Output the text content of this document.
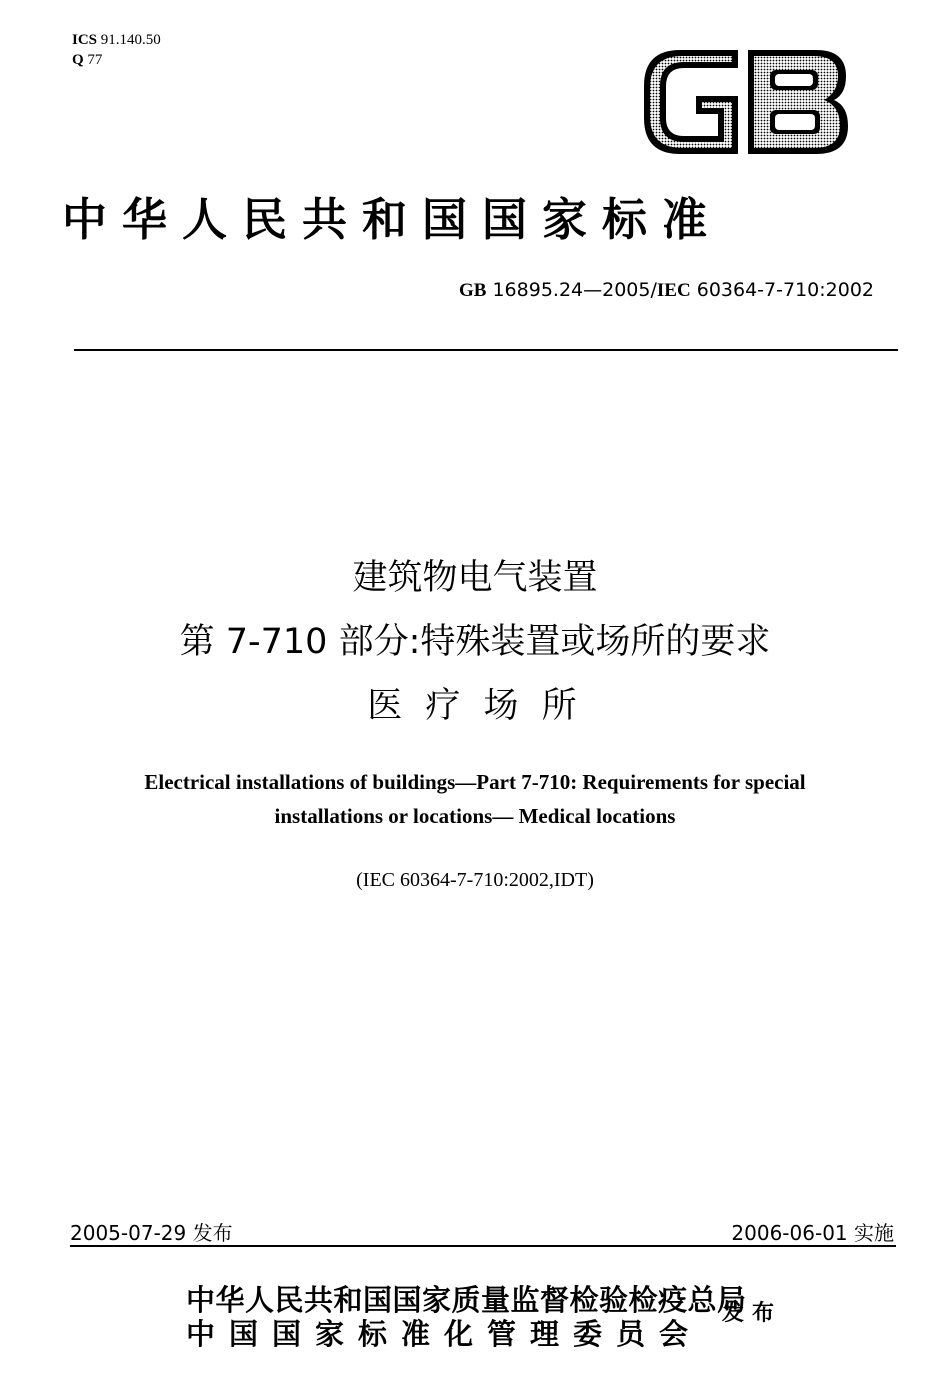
ICS 91.140.50
Q 77
中华人民共和国国家标准
GB 16895.24—2005/IEC 60364-7-710:2002
建筑物电气装置
第 7-710 部分:特殊装置或场所的要求
医 疗 场 所
Electrical installations of buildings—Part 7-710: Requirements for special
installations or locations— Medical locations
(IEC 60364-7-710:2002,IDT)
2005-07-29 发布	2006-06-01 实施
中华人民共和国国家质量监督检验检疫总局
中国国家标准化管理委员会
发布
